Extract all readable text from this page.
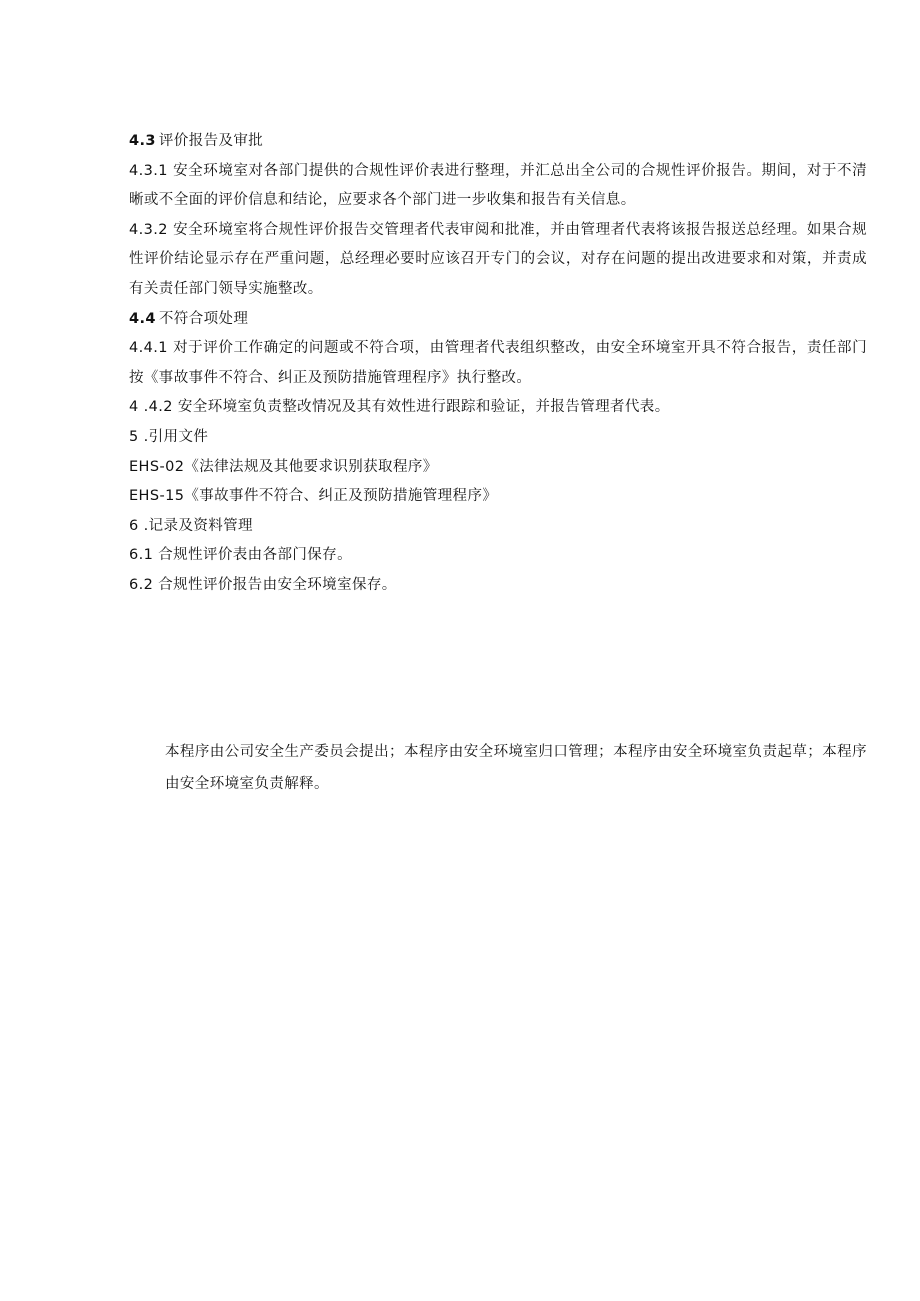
4.3 评价报告及审批
4.3.1 安全环境室对各部门提供的合规性评价表进行整理，并汇总出全公司的合规性评价报告。期间，对于不清晰或不全面的评价信息和结论，应要求各个部门进一步收集和报告有关信息。
4.3.2 安全环境室将合规性评价报告交管理者代表审阅和批准，并由管理者代表将该报告报送总经理。如果合规性评价结论显示存在严重问题，总经理必要时应该召开专门的会议，对存在问题的提出改进要求和对策，并责成有关责任部门领导实施整改。
4.4 不符合项处理
4.4.1 对于评价工作确定的问题或不符合项，由管理者代表组织整改，由安全环境室开具不符合报告，责任部门按《事故事件不符合、纠正及预防措施管理程序》执行整改。
4 .4.2 安全环境室负责整改情况及其有效性进行跟踪和验证，并报告管理者代表。
5 .引用文件
EHS-02《法律法规及其他要求识别获取程序》
EHS-15《事故事件不符合、纠正及预防措施管理程序》
6 .记录及资料管理
6.1 合规性评价表由各部门保存。
6.2 合规性评价报告由安全环境室保存。
本程序由公司安全生产委员会提出；本程序由安全环境室归口管理；本程序由安全环境室负责起草；本程序由安全环境室负责解释。
